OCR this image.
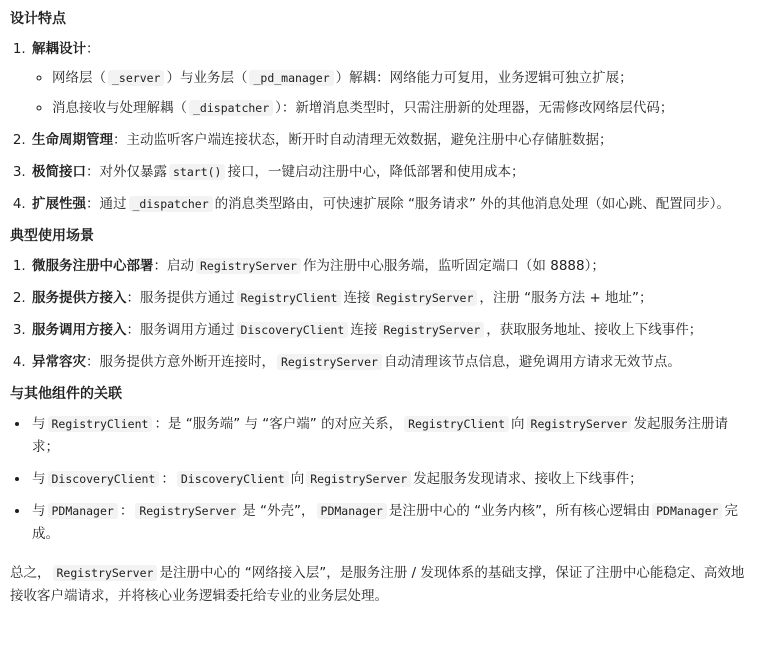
设计特点
1. 解耦设计：
◦ 网络层（ _server ）与业务层（ _pd_manager ）解耦：网络能力可复用，业务逻辑可独立扩展；
◦ 消息接收与处理解耦（ _dispatcher ）：新增消息类型时，只需注册新的处理器，无需修改网络层代码；
2. 生命周期管理：主动监听客户端连接状态，断开时自动清理无效数据，避免注册中心存储脏数据；
3. 极简接口：对外仅暴露 start() 接口，一键启动注册中心，降低部署和使用成本；
4. 扩展性强：通过 _dispatcher 的消息类型路由，可快速扩展除 “服务请求” 外的其他消息处理（如心跳、配置同步）。
典型使用场景
1. 微服务注册中心部署：启动 RegistryServer 作为注册中心服务端，监听固定端口（如 8888）；
2. 服务提供方接入：服务提供方通过 RegistryClient 连接 RegistryServer ，注册 “服务方法 + 地址”；
3. 服务调用方接入：服务调用方通过 DiscoveryClient 连接 RegistryServer ，获取服务地址、接收上下线事件；
4. 异常容灾：服务提供方意外断开连接时， RegistryServer 自动清理该节点信息，避免调用方请求无效节点。
与其他组件的关联
• 与 RegistryClient ：是 “服务端” 与 “客户端” 的对应关系， RegistryClient 向 RegistryServer 发起服务注册请求；
• 与 DiscoveryClient ： DiscoveryClient 向 RegistryServer 发起服务发现请求、接收上下线事件；
• 与 PDManager ： RegistryServer 是 “外壳”， PDManager 是注册中心的 “业务内核”，所有核心逻辑由 PDManager 完成。

总之， RegistryServer 是注册中心的 “网络接入层”，是服务注册 / 发现体系的基础支撑，保证了注册中心能稳定、高效地接收客户端请求，并将核心业务逻辑委托给专业的业务层处理。
